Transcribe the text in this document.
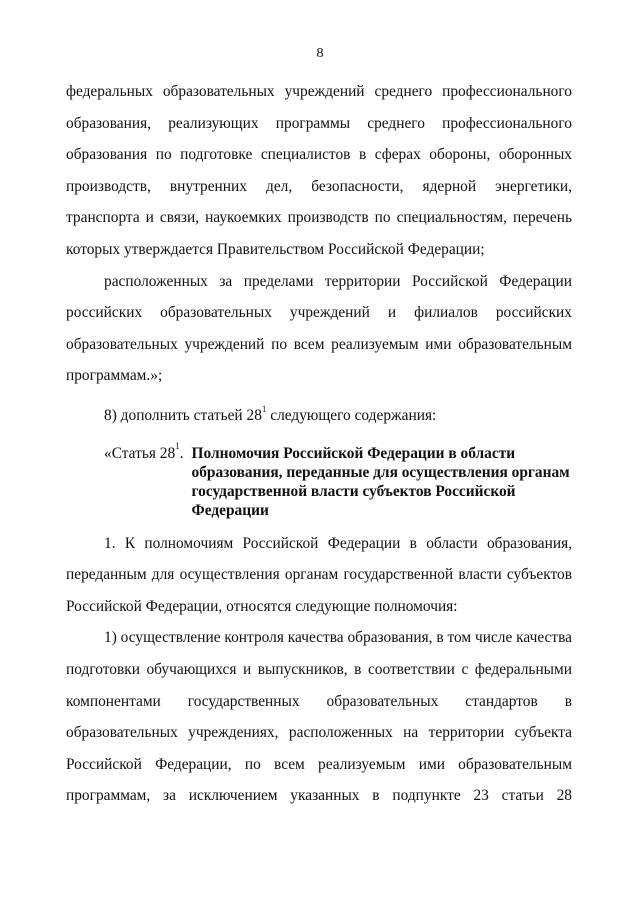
8

федеральных образовательных учреждений среднего профессионального образования, реализующих программы среднего профессионального образования по подготовке специалистов в сферах обороны, оборонных производств, внутренних дел, безопасности, ядерной энергетики, транспорта и связи, наукоемких производств по специальностям, перечень которых утверждается Правительством Российской Федерации;

расположенных за пределами территории Российской Федерации российских образовательных учреждений и филиалов российских образовательных учреждений по всем реализуемым ими образовательным программам.»;

8) дополнить статьей $28^1$ следующего содержания:

«Статья $28^1$. Полномочия Российской Федерации в области образования, переданные для осуществления органам государственной власти субъектов Российской Федерации

1. К полномочиям Российской Федерации в области образования, переданным для осуществления органам государственной власти субъектов Российской Федерации, относятся следующие полномочия:

1) осуществление контроля качества образования, в том числе качества подготовки обучающихся и выпускников, в соответствии с федеральными компонентами государственных образовательных стандартов в образовательных учреждениях, расположенных на территории субъекта Российской Федерации, по всем реализуемым ими образовательным программам, за исключением указанных в подпункте 23 статьи 28
